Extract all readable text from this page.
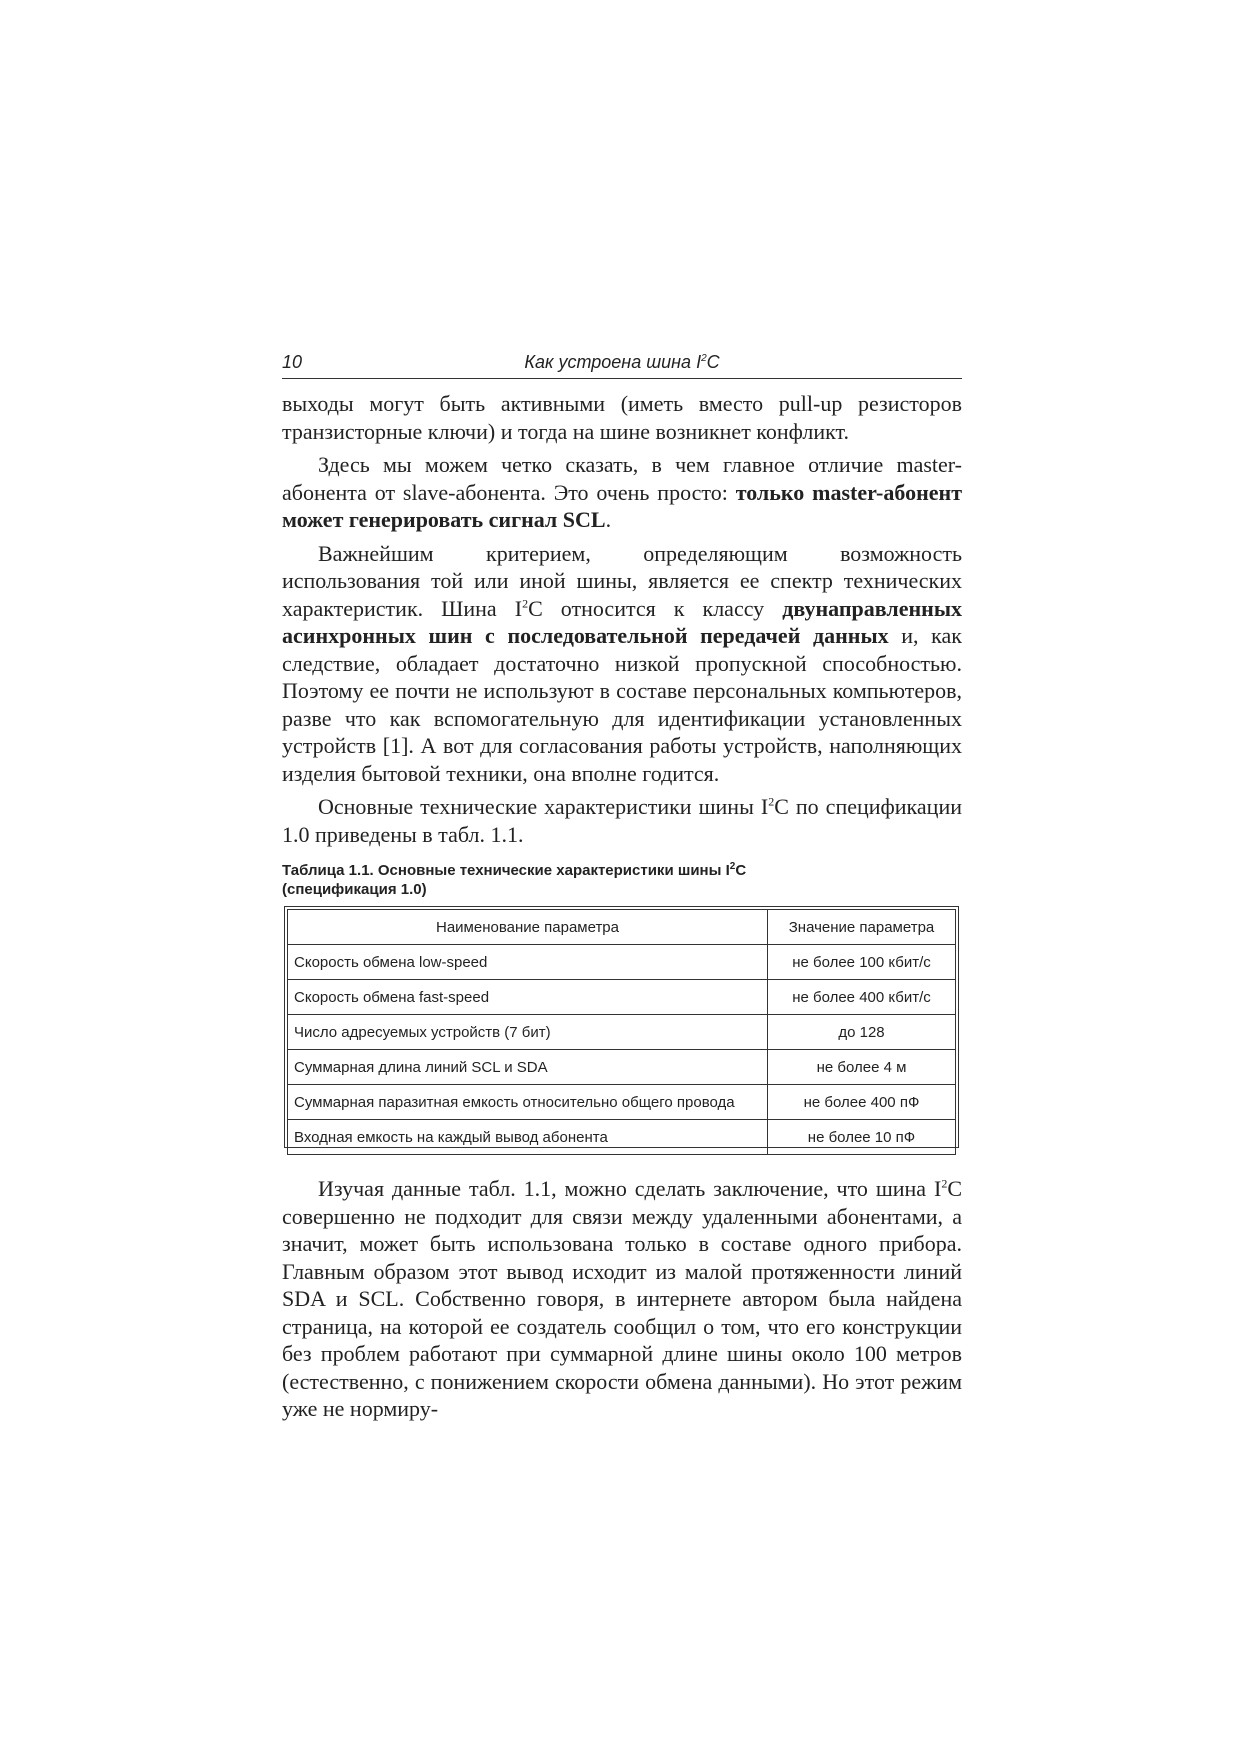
10	Как устроена шина $I^2C$

выходы могут быть активными (иметь вместо pull-up резисторов транзисторные ключи) и тогда на шине возникнет конфликт.

Здесь мы можем четко сказать, в чем главное отличие master-абонента от slave-абонента. Это очень просто: только master-абонент может генерировать сигнал SCL.

Важнейшим критерием, определяющим возможность использования той или иной шины, является ее спектр технических характеристик. Шина $I^2C$ относится к классу двунаправленных асинхронных шин с последовательной передачей данных и, как следствие, обладает достаточно низкой пропускной способностью. Поэтому ее почти не используют в составе персональных компьютеров, разве что как вспомогательную для идентификации установленных устройств [1]. А вот для согласования работы устройств, наполняющих изделия бытовой техники, она вполне годится.

Основные технические характеристики шины $I^2C$ по спецификации 1.0 приведены в табл. 1.1.

Таблица 1.1. Основные технические характеристики шины $I^2C$
(спецификация 1.0)
Наименование параметра	Значение параметра
Скорость обмена low-speed	не более 100 кбит/с
Скорость обмена fast-speed	не более 400 кбит/с
Число адресуемых устройств (7 бит)	до 128
Суммарная длина линий SCL и SDA	не более 4 м
Суммарная паразитная емкость относительно общего провода	не более 400 пФ
Входная емкость на каждый вывод абонента	не более 10 пФ

Изучая данные табл. 1.1, можно сделать заключение, что шина $I^2C$ совершенно не подходит для связи между удаленными абонентами, а значит, может быть использована только в составе одного прибора. Главным образом этот вывод исходит из малой протяженности линий SDA и SCL. Собственно говоря, в интернете автором была найдена страница, на которой ее создатель сообщил о том, что его конструкции без проблем работают при суммарной длине шины около 100 метров (естественно, с понижением скорости обмена данными). Но этот режим уже не нормиру-
